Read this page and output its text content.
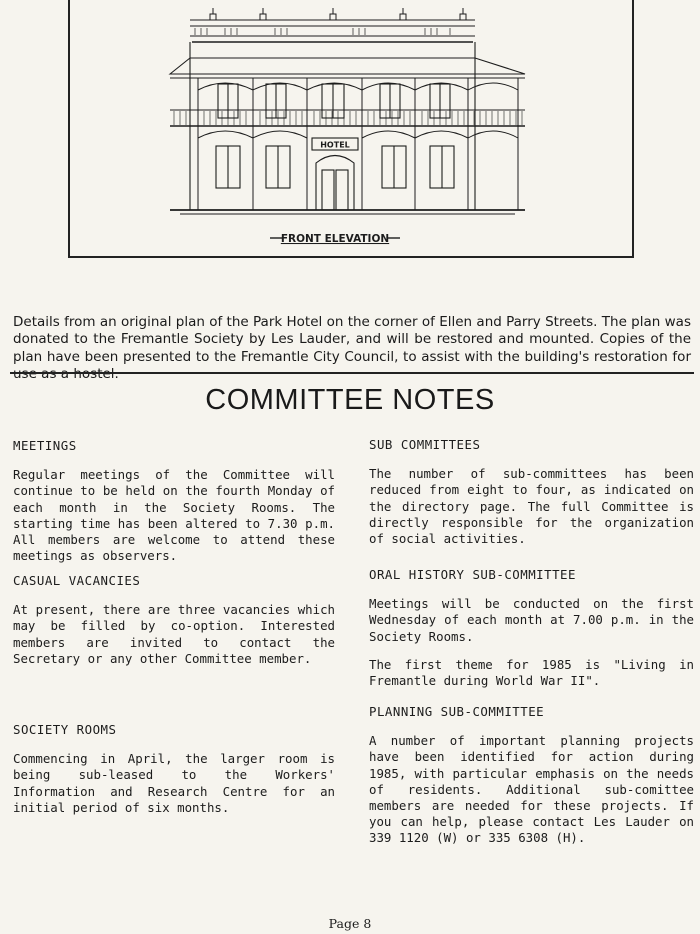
HOTEL
FRONT ELEVATION

Details from an original plan of the Park Hotel on the corner of Ellen and Parry Streets. The plan was donated to the Fremantle Society by Les Lauder, and will be restored and mounted. Copies of the plan have been presented to the Fremantle City Council, to assist with the building's restoration for use as a hostel.

COMMITTEE NOTES
MEETINGS

Regular meetings of the Committee will continue to be held on the fourth Monday of each month in the Society Rooms. The starting time has been altered to 7.30 p.m. All members are welcome to attend these meetings as observers.

CASUAL VACANCIES

At present, there are three vacancies which may be filled by co-option. Interested members are invited to contact the Secretary or any other Committee member.

SOCIETY ROOMS

Commencing in April, the larger room is being sub-leased to the Workers' Information and Research Centre for an initial period of six months.

SUB COMMITTEES

The number of sub-committees has been reduced from eight to four, as indicated on the directory page. The full Committee is directly responsible for the organization of social activities.

ORAL HISTORY SUB-COMMITTEE

Meetings will be conducted on the first Wednesday of each month at 7.00 p.m. in the Society Rooms.

The first theme for 1985 is "Living in Fremantle during World War II".

PLANNING SUB-COMMITTEE

A number of important planning projects have been identified for action during 1985, with particular emphasis on the needs of residents. Additional sub-comittee members are needed for these projects. If you can help, please contact Les Lauder on 339 1120 (W) or 335 6308 (H).

Page 8
